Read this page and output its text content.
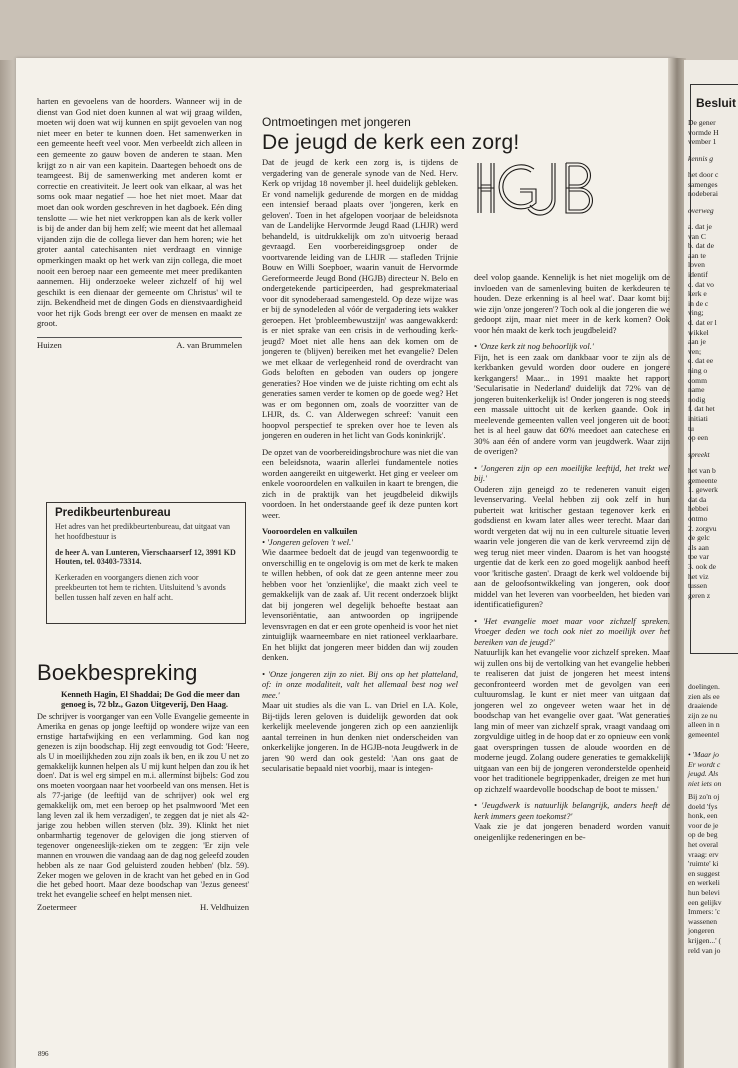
harten en gevoelens van de hoorders. Wanneer wij in de dienst van God niet doen kunnen al wat wij graag wilden, moeten wij doen wat wij kunnen en spijt gevoelen van nog niet meer en beter te kunnen doen. Het samenwerken in een gemeente heeft veel voor. Men verbeeldt zich alleen in een gemeente zo gauw boven de anderen te staan. Men krijgt zo n air van een kapitein. Daartegen behoedt ons de teamgeest. Bij de samenwerking met anderen komt er correctie en creativiteit. Je leert ook van elkaar, al was het soms ook maar negatief — hoe het niet moet. Maar dat moet dan ook worden geschreven in het dagboek. Eén ding tenslotte — wie het niet verkroppen kan als de kerk voller is bij de ander dan bij hem zelf; wie meent dat het allemaal vijanden zijn die de collega liever dan hem horen; wie het groter aantal catechisanten niet verdraagt en vinnige opmerkingen maakt op het werk van zijn collega, die moet nooit een beroep naar een gemeente met meer predikanten aannemen. Hij onderzoeke weleer zichzelf of hij wel geschikt is een dienaar der gemeente om Christus' wil te zijn. Bekendheid met de dingen Gods en dienstvaardigheid voor het rijk Gods brengt eer over de mensen en maakt ze groot.

Huizen	A. van Brummelen
Predikbeurtenbureau

Het adres van het predikbeurtenbureau, dat uitgaat van het hoofdbestuur is

de heer A. van Lunteren, Vierschaarserf 12, 3991 KD Houten, tel. 03403-73314.

Kerkeraden en voorgangers dienen zich voor preekbeurten tot hem te richten. Uitsluitend 's avonds bellen tussen half zeven en half acht.

Boekbespreking

Kenneth Hagin, El Shaddai; De God die meer dan genoeg is, 72 blz., Gazon Uitgeverij, Den Haag.

De schrijver is voorganger van een Volle Evangelie gemeente in Amerika en genas op jonge leeftijd op wondere wijze van een ernstige hartafwijking en een verlamming. God kan nog genezen is zijn boodschap. Hij zegt eenvoudig tot God: 'Heere, als U in moeilijkheden zou zijn zoals ik ben, en ik zou U net zo gemakkelijk kunnen helpen als U mij kunt helpen dan zou ik het doen'. Dat is wel erg simpel en m.i. allermínst bijbels: God zou ons moeten voorgaan naar het voorbeeld van ons mensen. Het is als 77-jarige (de leeftijd van de schrijver) ook wel erg gemakkelijk om, met een beroep op het psalmwoord 'Met een lang leven zal ik hem verzadigen', te zeggen dat je niet als 42-jarige zou hebben willen sterven (blz. 39). Klinkt het niet onbarmhartig tegenover de gelovigen die jong stierven of tegenover ongeneeslijk-zieken om te zeggen: 'Er zijn vele mannen en vrouwen die vandaag aan de dag nog geleefd zouden hebben als ze naar God geluisterd zouden hebben' (blz. 59). Zeker mogen we geloven in de kracht van het gebed en in God die het gebed hoort. Maar deze boodschap van 'Jezus geneest' trekt het evangelie scheef en helpt mensen niet.

Zoetermeer	H. Veldhuizen
896
Ontmoetingen met jongeren
De jeugd de kerk een zorg!

Dat de jeugd de kerk een zorg is, is tijdens de vergadering van de generale synode van de Ned. Herv. Kerk op vrijdag 18 november jl. heel duidelijk gebleken. Er vond namelijk gedurende de morgen en de middag een intensief beraad plaats over 'jongeren, kerk en geloven'. Toen in het afgelopen voorjaar de beleidsnota van de Landelijke Hervormde Jeugd Raad (LHJR) werd behandeld, is uitdrukkelijk om zo'n uitvoerig beraad gevraagd. Een voorbereidingsgroep onder de voortvarende leiding van de LHJR — stafleden Trijnie Bouw en Willi Soepboer, waarin vanuit de Hervormde Gereformeerde Jeugd Bond (HGJB) directeur N. Belo en ondergetekende participeerden, had gesprekmateriaal voor dit synodeberaad samengesteld. Op deze wijze was er bij de synodeleden al vóór de vergadering iets wakker geroepen. Het 'probleembewustzijn' was aangewakkerd: is er niet sprake van een crisis in de verhouding kerk-jeugd? Moet niet alle hens aan dek komen om de jongeren te (blijven) bereiken met het evangelie? Delen we met elkaar de verlegenheid rond de overdracht van Gods beloften en geboden van ouders op jongere generaties? Hoe vinden we de juiste richting om echt als generaties samen verder te komen op de goede weg? Het was er om begonnen om, zoals de voorzitter van de LHJR, ds. C. van Alderwegen schreef: 'vanuit een hoopvol perspectief te spreken over hoe te leven als jongeren en ouderen in het licht van Gods koninkrijk'.

De opzet van de voorbereidingsbrochure was niet die van een beleidsnota, waarin allerlei fundamentele noties worden aangereikt en uitgewerkt. Het ging er veeleer om enkele vooroordelen en valkuilen in kaart te brengen, die zich in de praktijk van het jeugdbeleid dikwijls voordoen. In het onderstaande geef ik deze punten kort weer.

Vooroordelen en valkuilen

• 'Jongeren geloven 't wel.'

Wie daarmee bedoelt dat de jeugd van tegenwoordig te onverschillig en te ongelovig is om met de kerk te maken te willen hebben, of ook dat ze geen antenne meer zou hebben voor het 'onzienlijke', die maakt zich veel te gemakkelijk van de zaak af. Uit recent onderzoek blijkt dat bij jongeren wel degelijk behoefte bestaat aan levensoriëntatie, aan antwoorden op ingrijpende levensvragen en dat er een grote openheid is voor het niet zintuiglijk waarneembare en niet rationeel verklaarbare. En het blijkt dat jongeren meer bidden dan wij zouden denken.

• 'Onze jongeren zijn zo niet. Bij ons op het platteland, of: in onze modaliteit, valt het allemaal best nog wel mee.'

Maar uit studies als die van L. van Driel en I.A. Kole, Bij-tijds leren geloven is duidelijk geworden dat ook kerkelijk meelevende jongeren zich op een aanzienlijk aantal terreinen in hun denken niet onderscheiden van onkerkelijke jongeren. In de HGJB-nota Jeugdwerk in de jaren '90 werd dan ook gesteld: 'Aan ons gaat de secularisatie bepaald niet voorbij, maar is integen-

deel volop gaande. Kennelijk is het niet mogelijk om de invloeden van de samenleving buiten de kerkdeuren te houden. Deze erkenning is al heel wat'. Daar komt bij: wie zijn 'onze jongeren'? Toch ook al die jongeren die we gedoopt zijn, maar niet meer in de kerk komen? Ook voor hén maakt de kerk toch jeugdbeleid?

• 'Onze kerk zit nog behoorlijk vol.'

Fijn, het is een zaak om dankbaar voor te zijn als de kerkbanken gevuld worden door oudere en jongere kerkgangers! Maar... in 1991 maakte het rapport 'Secularisatie in Nederland' duidelijk dat 72% van de jongeren buitenkerkelijk is! Onder jongeren is nog steeds een massale uittocht uit de kerken gaande. Ook in meelevende gemeenten vallen veel jongeren uit de boot: het is al heel gauw dat 60% meedoet aan catechese en 30% aan één of andere vorm van jeugdwerk. Waar zijn de overigen?

• 'Jongeren zijn op een moeilijke leeftijd, het trekt wel bij.'

Ouderen zijn geneigd zo te redeneren vanuit eigen levenservaring. Veelal hebben zij ook zelf in hun puberteit wat kritischer gestaan tegenover kerk en godsdienst en kwam later alles weer terecht. Maar dan wordt vergeten dat wij nu in een culturele situatie leven waarin vele jongeren die van de kerk vervreemd zijn de weg terug niet meer vinden. Daarom is het van hoogste urgentie dat de kerk een zo goed mogelijk aanbod heeft voor 'kritische gasten'. Draagt de kerk wel voldoende bij aan de geloofsontwikkeling van jongeren, ook door middel van het leveren van voorbeelden, het bieden van identificatiefiguren?

• 'Het evangelie moet maar voor zichzelf spreken. Vroeger deden we toch ook niet zo moeilijk over het bereiken van de jeugd?'

Natuurlijk kan het evangelie voor zichzelf spreken. Maar wij zullen ons bij de vertolking van het evangelie hebben te realiseren dat juist de jongeren het meest intens geconfronteerd worden met de gevolgen van een cultuuromslag. Ie kunt er niet meer van uitgaan dat jongeren wel zo ongeveer weten waar het in de boodschap van het evangelie over gaat. 'Wat generaties lang min of meer van zichzelf sprak, vraagt vandaag om zorgvuldige uitleg in de hoop dat er zo opnieuw een vonk gaat overspringen tussen de aloude woorden en de moderne jeugd. Zolang oudere generaties te gemakkelijk uitgaan van een bij de jongeren veronderstelde openheid voor het traditionele begrippenkader, dreigen ze met hun op zichzelf waardevolle boodschap de boot te missen.'

• 'Jeugdwerk is natuurlijk belangrijk, anders heeft de kerk immers geen toekomst?'

Vaak zie je dat jongeren benaderd worden vanuit oneigenlijke redeneringen en be-

Besluit
De gener
vormde H
vember 1
kennis g
het door c
samenges
nodeberai
overweg
a. dat je
van C
b. dat de
aan te
loven
identif
c. dat vo
kerk e
in de c
ving;
d. dat er l
wikkel
aan je
ven;
e. dat ee
ning o
comm
name
nodig
f. dat het
initiati
tu
op een
spreekt
het van b
gemeente
1. gewerk
dat da
hebbei
ontmo
2. zorgvu
de gelc
als aan
toe var
3. ook de
het viz
tussen
geren z
doelingen.
zien als ee
draaiende
zijn ze nu
alleen in n
gemeentel
• 'Maar jo
Er wordt c
jeugd. Als
niet iets on
Bij zo'n oj
doeld 'fys
honk, een
voor de je
op de beg
het overal
vraag: erv
'ruimte' ki
en suggest
en werkeli
hun belevi
een gelijkv
Immers: 'c
wassenen
jongeren
krijgen...' (
reld van jo
